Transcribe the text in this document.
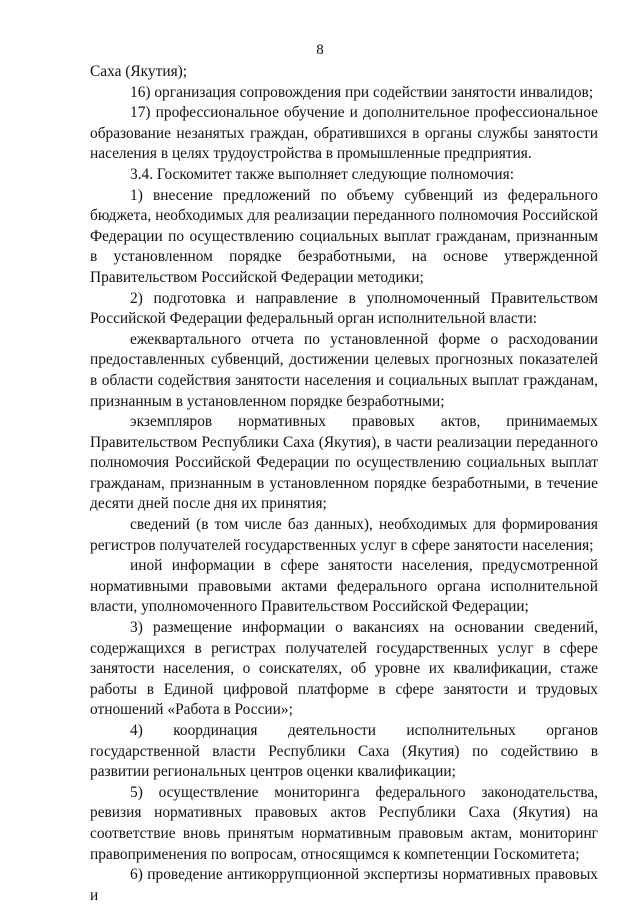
8

Саха (Якутия);

16) организация сопровождения при содействии занятости инвалидов;

17) профессиональное обучение и дополнительное профессиональное образование незанятых граждан, обратившихся в органы службы занятости населения в целях трудоустройства в промышленные предприятия.

3.4. Госкомитет также выполняет следующие полномочия:

1) внесение предложений по объему субвенций из федерального бюджета, необходимых для реализации переданного полномочия Российской Федерации по осуществлению социальных выплат гражданам, признанным в установленном порядке безработными, на основе утвержденной Правительством Российской Федерации методики;

2) подготовка и направление в уполномоченный Правительством Российской Федерации федеральный орган исполнительной власти:

ежеквартального отчета по установленной форме о расходовании предоставленных субвенций, достижении целевых прогнозных показателей в области содействия занятости населения и социальных выплат гражданам, признанным в установленном порядке безработными;

экземпляров нормативных правовых актов, принимаемых Правительством Республики Саха (Якутия), в части реализации переданного полномочия Российской Федерации по осуществлению социальных выплат гражданам, признанным в установленном порядке безработными, в течение десяти дней после дня их принятия;

сведений (в том числе баз данных), необходимых для формирования регистров получателей государственных услуг в сфере занятости населения;

иной информации в сфере занятости населения, предусмотренной нормативными правовыми актами федерального органа исполнительной власти, уполномоченного Правительством Российской Федерации;

3) размещение информации о вакансиях на основании сведений, содержащихся в регистрах получателей государственных услуг в сфере занятости населения, о соискателях, об уровне их квалификации, стаже работы в Единой цифровой платформе в сфере занятости и трудовых отношений «Работа в России»;

4) координация деятельности исполнительных органов государственной власти Республики Саха (Якутия) по содействию в развитии региональных центров оценки квалификации;

5) осуществление мониторинга федерального законодательства, ревизия нормативных правовых актов Республики Саха (Якутия) на соответствие вновь принятым нормативным правовым актам, мониторинг правоприменения по вопросам, относящимся к компетенции Госкомитета;

6) проведение антикоррупционной экспертизы нормативных правовых и
